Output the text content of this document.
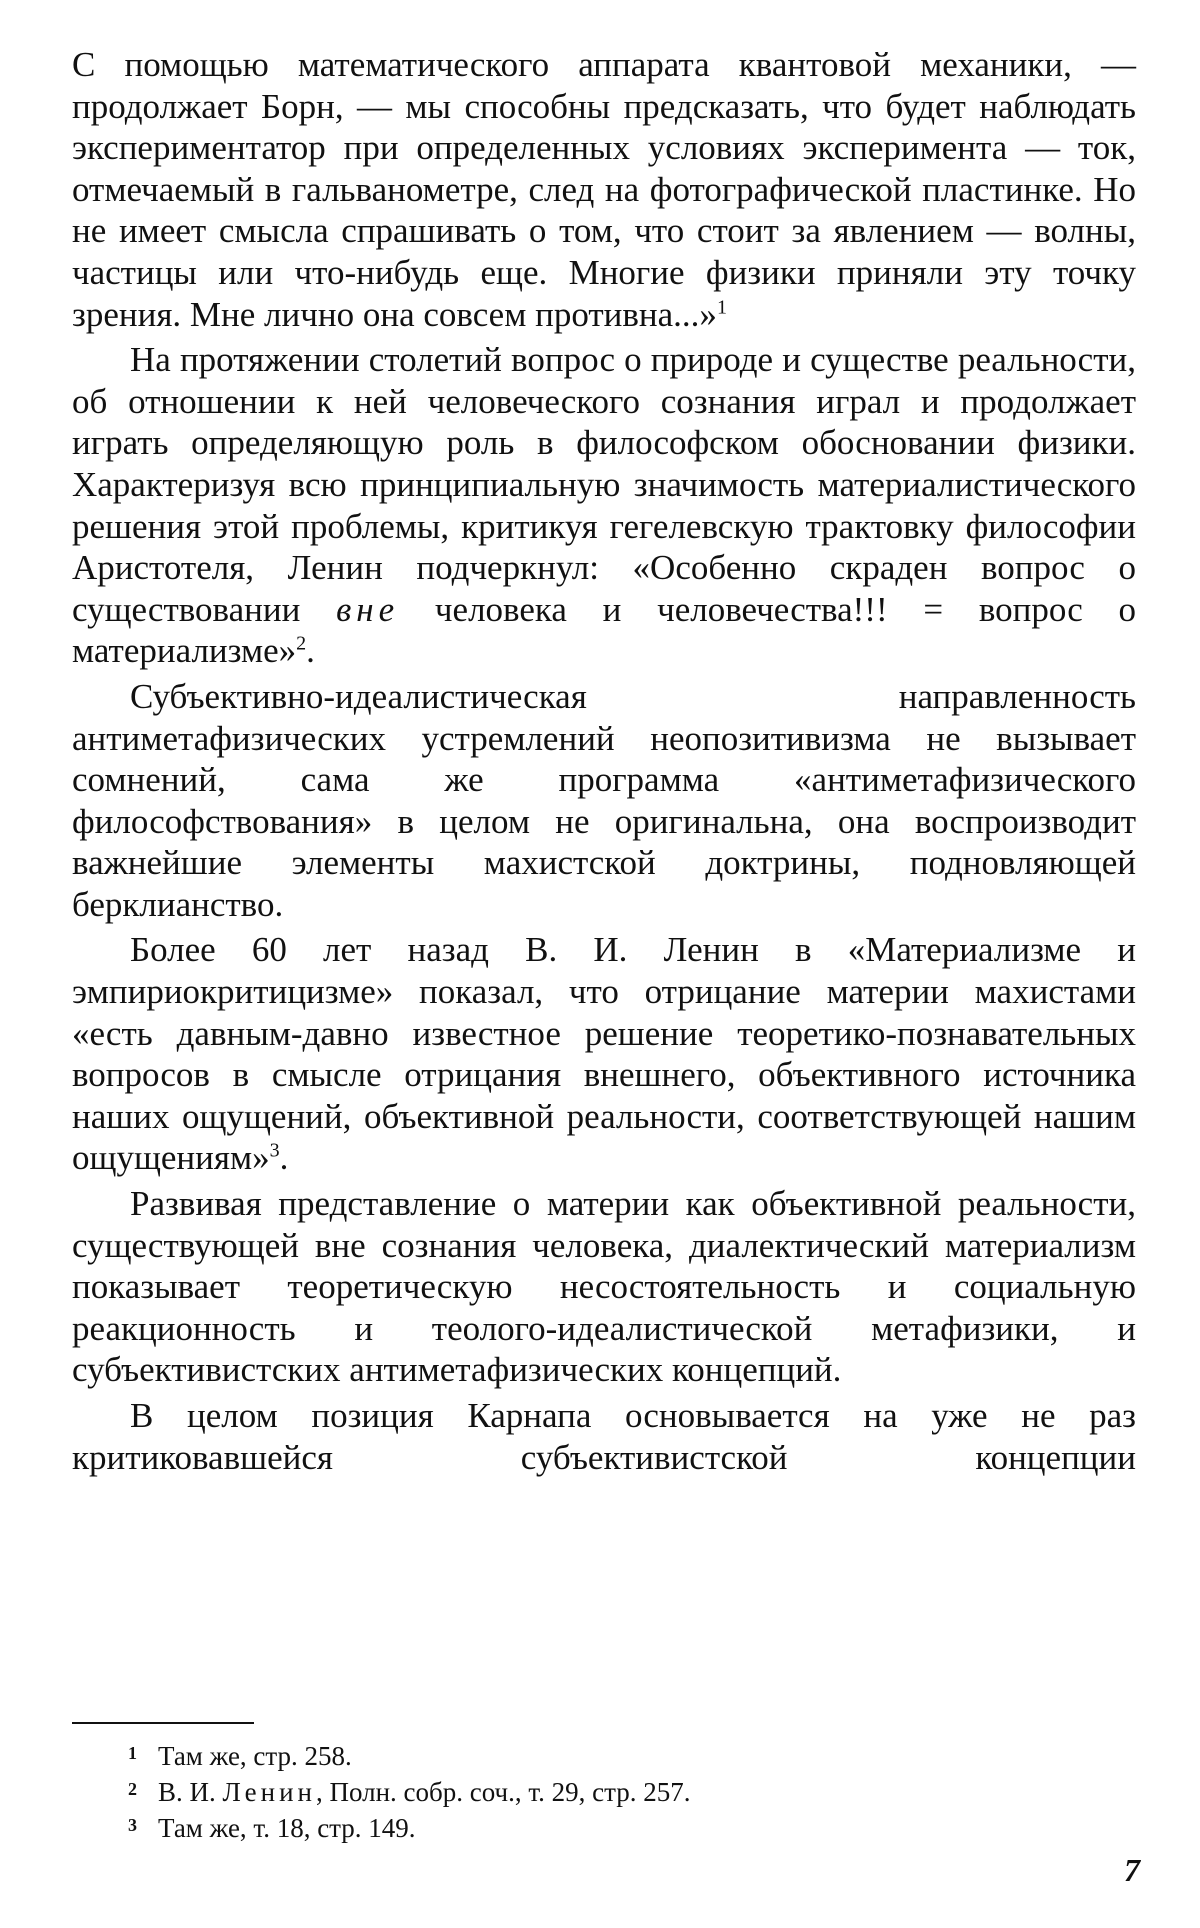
С помощью математического аппарата квантовой механики, — продолжает Борн, — мы способны предсказать, что будет наблюдать экспериментатор при определенных условиях эксперимента — ток, отмечаемый в гальванометре, след на фотографической пластинке. Но не имеет смысла спрашивать о том, что стоит за явлением — волны, частицы или что-нибудь еще. Многие физики приняли эту точку зрения. Мне лично она совсем противна...»$^1$

На протяжении столетий вопрос о природе и существе реальности, об отношении к ней человеческого сознания играл и продолжает играть определяющую роль в философском обосновании физики. Характеризуя всю принципиальную значимость материалистического решения этой проблемы, критикуя гегелевскую трактовку философии Аристотеля, Ленин подчеркнул: «Особенно скраден вопрос о существовании вне человека и человечества!!! = вопрос о материализме»$^2$.

Субъективно-идеалистическая направленность антиметафизических устремлений неопозитивизма не вызывает сомнений, сама же программа «антиметафизического философствования» в целом не оригинальна, она воспроизводит важнейшие элементы махистской доктрины, подновляющей берклианство.

Более 60 лет назад В. И. Ленин в «Материализме и эмпириокритицизме» показал, что отрицание материи махистами «есть давным-давно известное решение теоретико-познавательных вопросов в смысле отрицания внешнего, объективного источника наших ощущений, объективной реальности, соответствующей нашим ощущениям»$^3$.

Развивая представление о материи как объективной реальности, существующей вне сознания человека, диалектический материализм показывает теоретическую несостоятельность и социальную реакционность и теолого-идеалистической метафизики, и субъективистских антиметафизических концепций.

В целом позиция Карнапа основывается на уже не раз критиковавшейся субъективистской концепции

1 Там же, стр. 258.
2 В. И. Ленин, Полн. собр. соч., т. 29, стр. 257.
3 Там же, т. 18, стр. 149.
7
